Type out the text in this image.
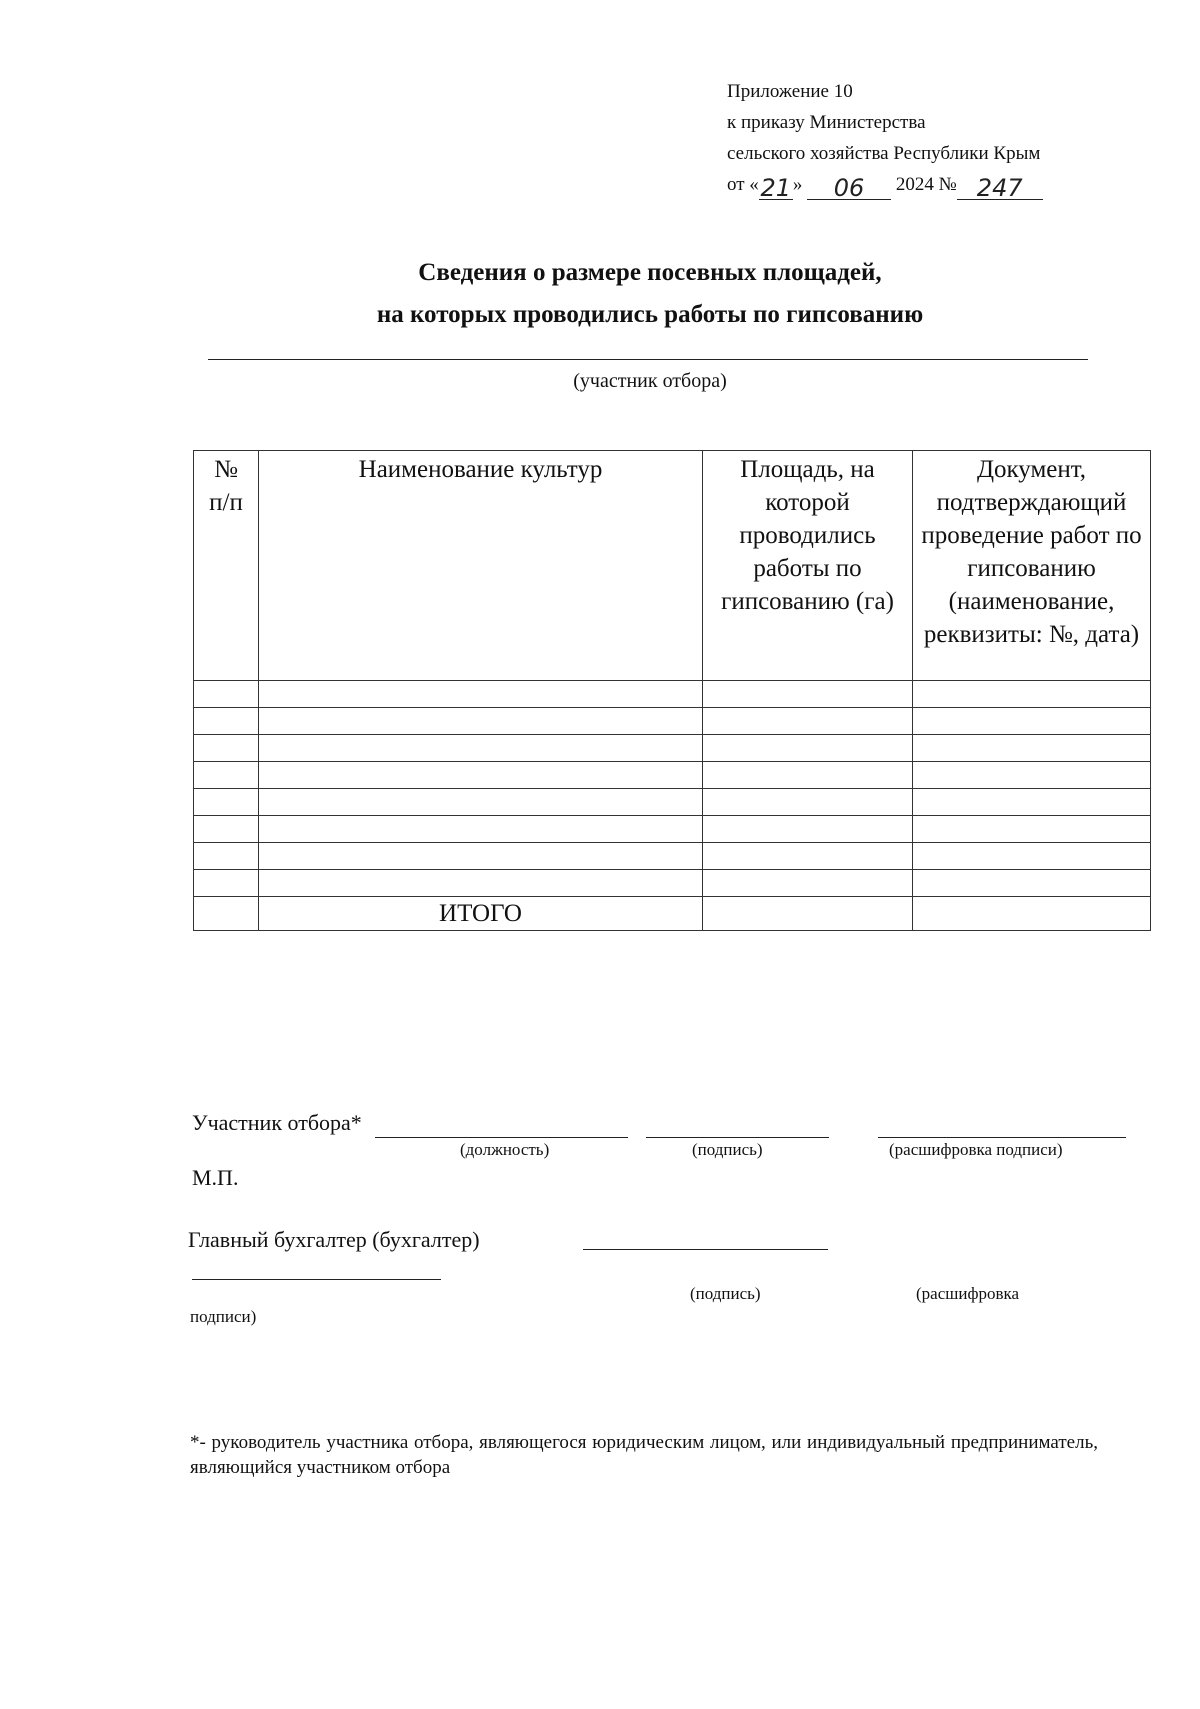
Приложение 10
к приказу Министерства
сельского хозяйства Республики Крым
от «21» 06 2024 № 247
Сведения о размере посевных площадей,
на которых проводились работы по гипсованию
(участник отбора)
№ п/п	Наименование культур	Площадь, на которой проводились работы по гипсованию (га)	Документ, подтверждающий проведение работ по гипсованию (наименование, реквизиты: №, дата)

	ИТОГО		
Участник отбора*
(должность)	(подпись)	(расшифровка подписи)
М.П.
Главный бухгалтер (бухгалтер)
(подпись)	(расшифровка
подписи)
*- руководитель участника отбора, являющегося юридическим лицом, или индивидуальный предприниматель, являющийся участником отбора
